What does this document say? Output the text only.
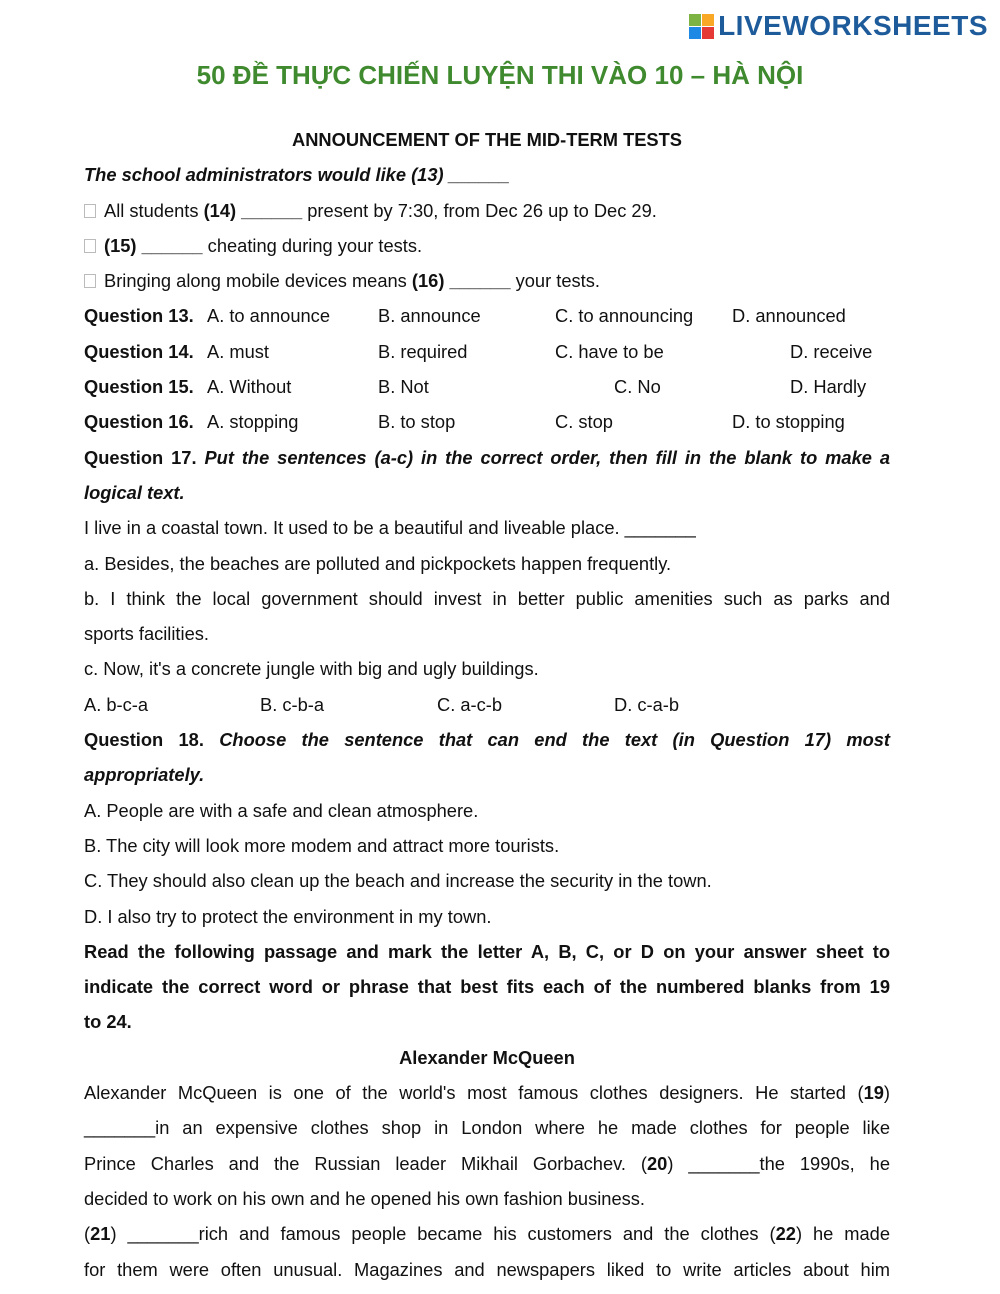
50 ĐỀ THỰC CHIẾN LUYỆN THI VÀO 10 – HÀ NỘI
ANNOUNCEMENT OF THE MID-TERM TESTS
The school administrators would like (13) ______
All students (14) ______ present by 7:30, from Dec 26 up to Dec 29.
(15) ______ cheating during your tests.
Bringing along mobile devices means (16) ______ your tests.
Question 13. A. to announce	B. announce	C. to announcing D. announced
Question 14. A. must	B. required	C. have to be	D. receive
Question 15. A. Without	B. Not	C. No	D. Hardly
Question 16. A. stopping	B. to stop	C. stop	D. to stopping
Question 17. Put the sentences (a-c) in the correct order, then fill in the blank to make a
logical text.
I live in a coastal town. It used to be a beautiful and liveable place. _______
a. Besides, the beaches are polluted and pickpockets happen frequently.
b. I think the local government should invest in better public amenities such as parks and
sports facilities.
c. Now, it's a concrete jungle with big and ugly buildings.
A. b-c-a	B. c-b-a	C. a-c-b	D. c-a-b
Question 18. Choose the sentence that can end the text (in Question 17) most
appropriately.
A. People are with a safe and clean atmosphere.
B. The city will look more modem and attract more tourists.
C. They should also clean up the beach and increase the security in the town.
D. I also try to protect the environment in my town.
Read the following passage and mark the letter A, B, C, or D on your answer sheet to
indicate the correct word or phrase that best fits each of the numbered blanks from 19
to 24.
Alexander McQueen
Alexander McQueen is one of the world's most famous clothes designers. He started (19)
_______in an expensive clothes shop in London where he made clothes for people like
Prince Charles and the Russian leader Mikhail Gorbachev. (20) _______the 1990s, he
decided to work on his own and he opened his own fashion business.
(21) _______rich and famous people became his customers and the clothes (22) he made
for them were often unusual. Magazines and newspapers liked to write articles about him
LIVEWORKSHEETS
